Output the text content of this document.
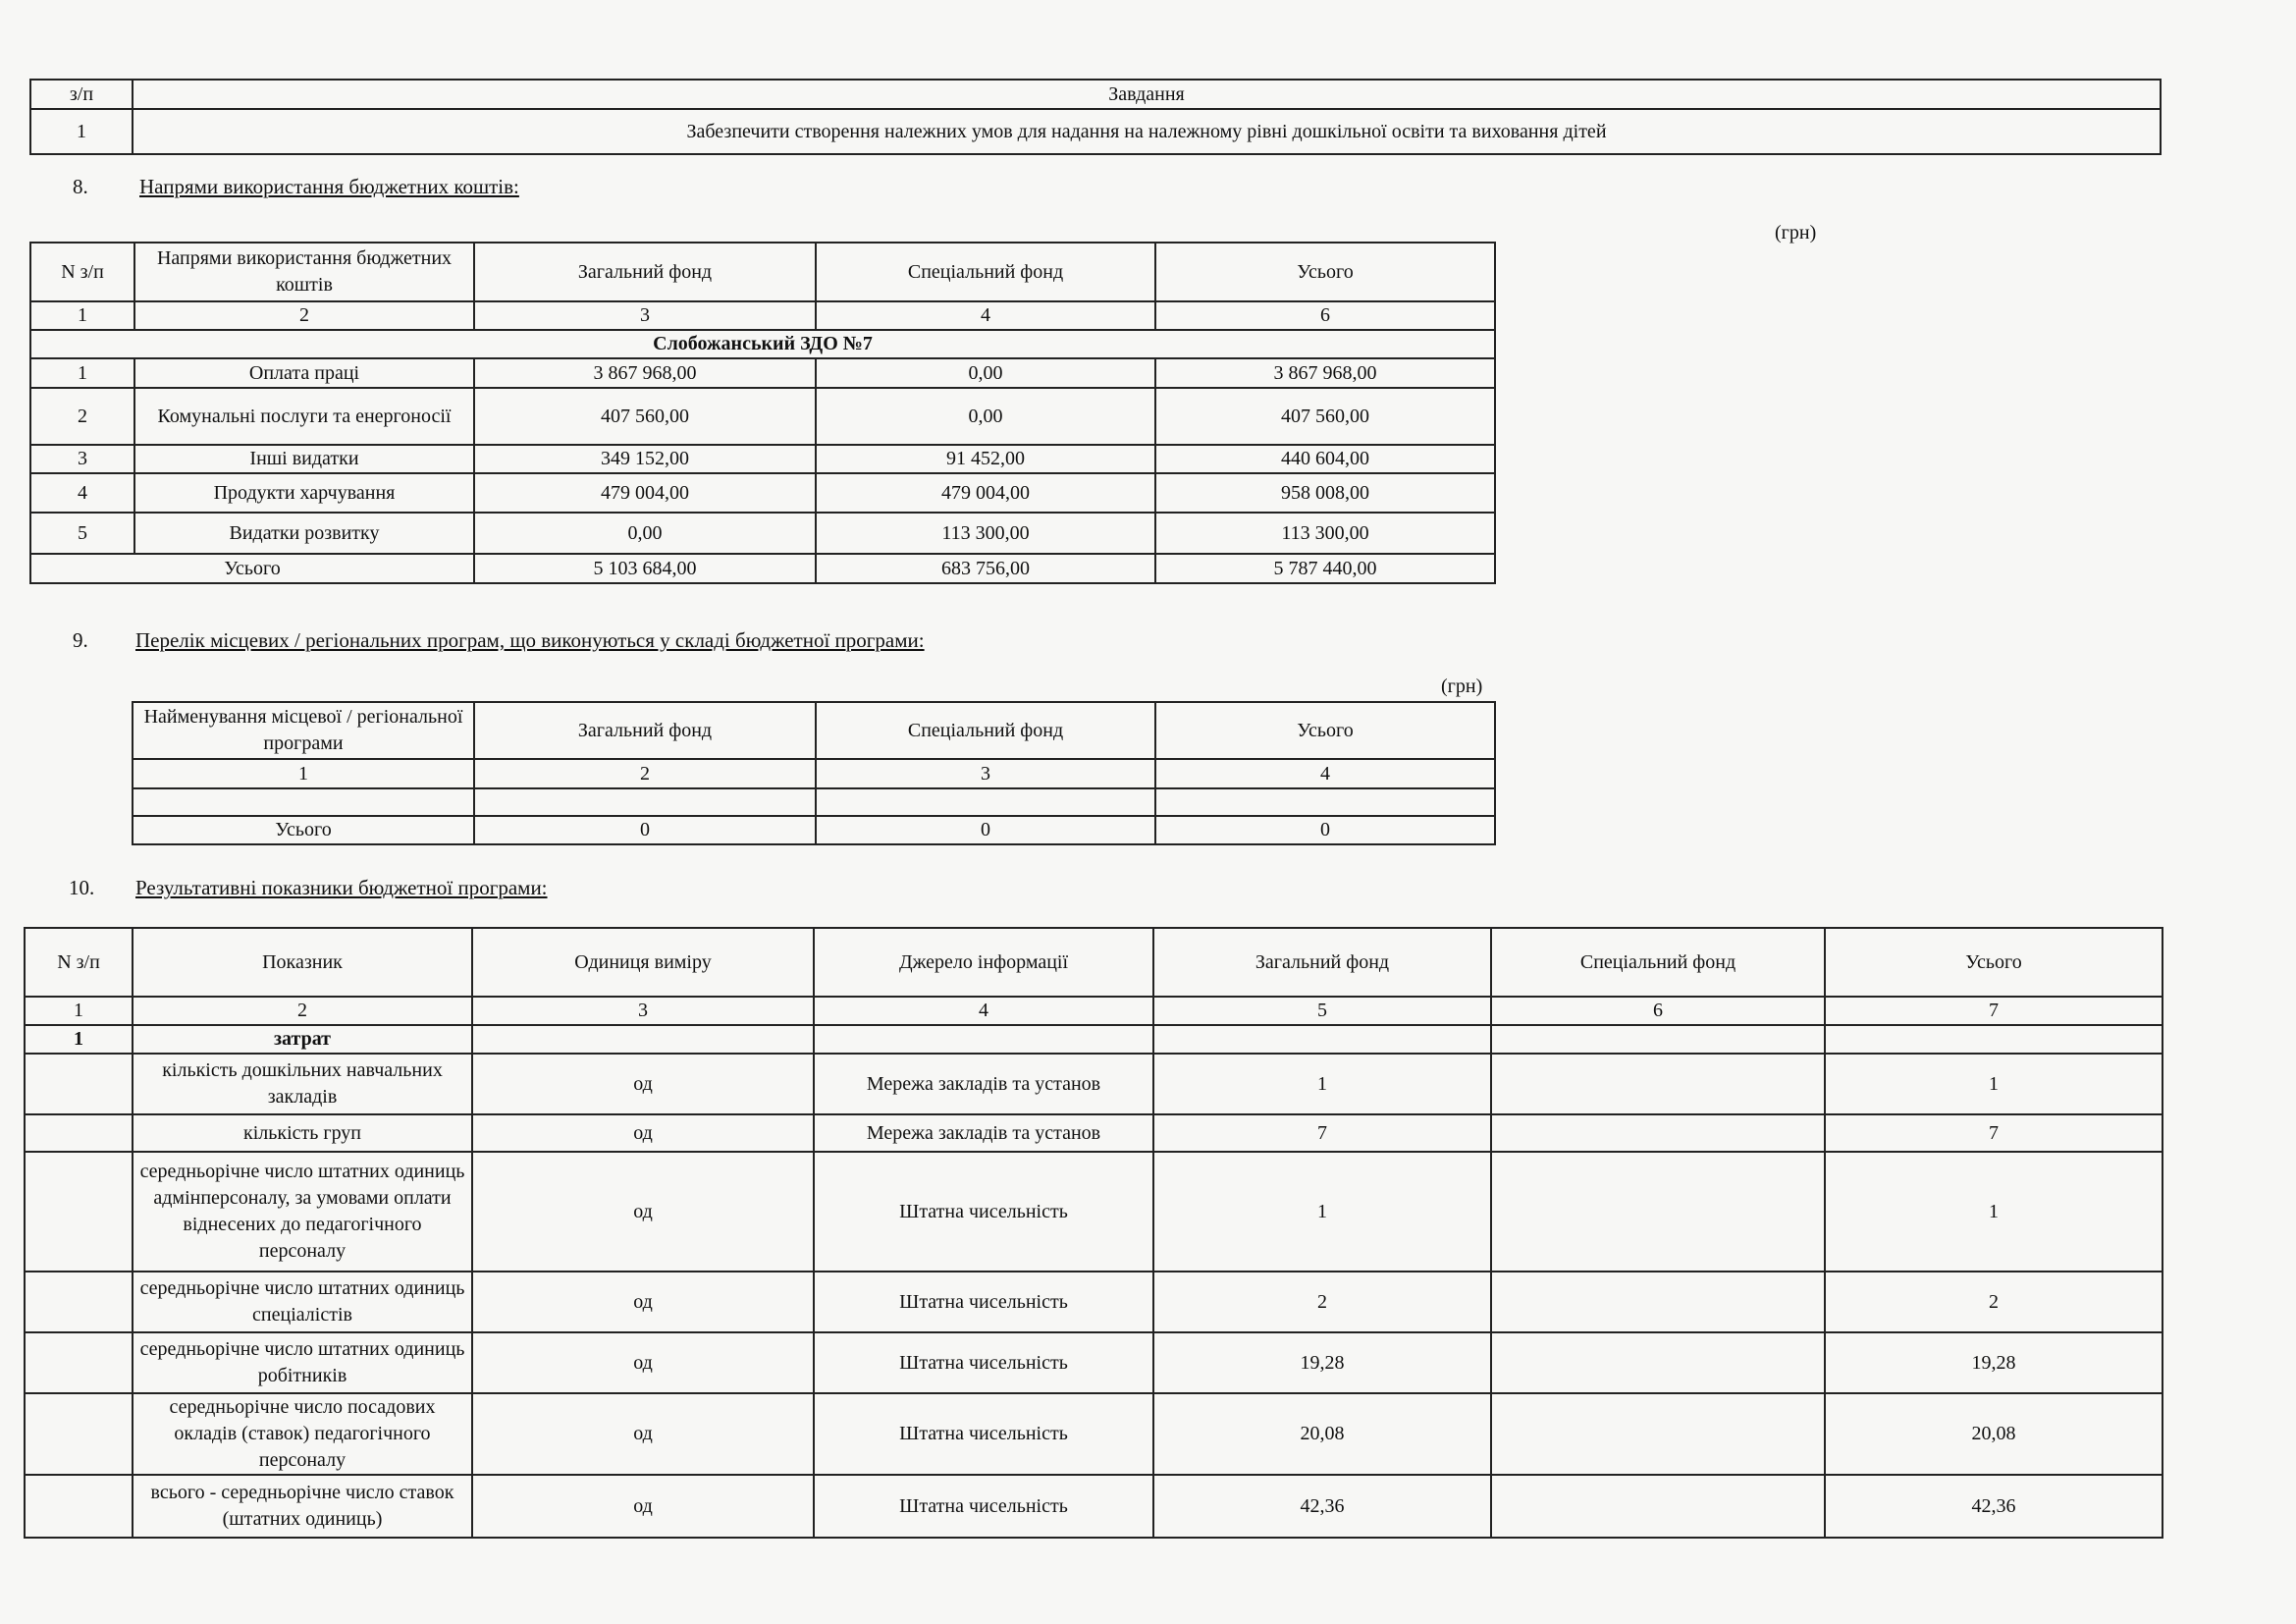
з/п	Завдання
1	Забезпечити створення належних умов для надання на належному рівні дошкільної освіти та виховання дітей
8. Напрями використання бюджетних коштів:
(грн)
N з/п	Напрями використання бюджетних коштів	Загальний фонд	Спеціальний фонд	Усього
1	2	3	4	6
Слобожанський ЗДО №7				
1	Оплата праці	3 867 968,00	0,00	3 867 968,00
2	Комунальні послуги та енергоносії	407 560,00	0,00	407 560,00
3	Інші видатки	349 152,00	91 452,00	440 604,00
4	Продукти харчування	479 004,00	479 004,00	958 008,00
5	Видатки розвитку	0,00	113 300,00	113 300,00
Усього		5 103 684,00	683 756,00	5 787 440,00
9. Перелік місцевих / регіональних програм, що виконуються у складі бюджетної програми:
(грн)
Найменування місцевої / регіональної програми	Загальний фонд	Спеціальний фонд	Усього
1	2	3	4

Усього	0	0	0
10. Результативні показники бюджетної програми:
N з/п	Показник	Одиниця виміру	Джерело інформації	Загальний фонд	Спеціальний фонд	Усього
1	2	3	4	5	6	7
1	затрат					
	кількість дошкільних навчальних закладів	од	Мережа закладів та установ	1		1
	кількість груп	од	Мережа закладів та установ	7		7
	середньорічне число штатних одиниць адмінперсоналу, за умовами оплати віднесених до педагогічного персоналу	од	Штатна чисельність	1		1
	середньорічне число штатних одиниць спеціалістів	од	Штатна чисельність	2		2
	середньорічне число штатних одиниць робітників	од	Штатна чисельність	19,28		19,28
	середньорічне число посадових окладів (ставок) педагогічного персоналу	од	Штатна чисельність	20,08		20,08
	всього - середньорічне число ставок (штатних одиниць)	од	Штатна чисельність	42,36		42,36
